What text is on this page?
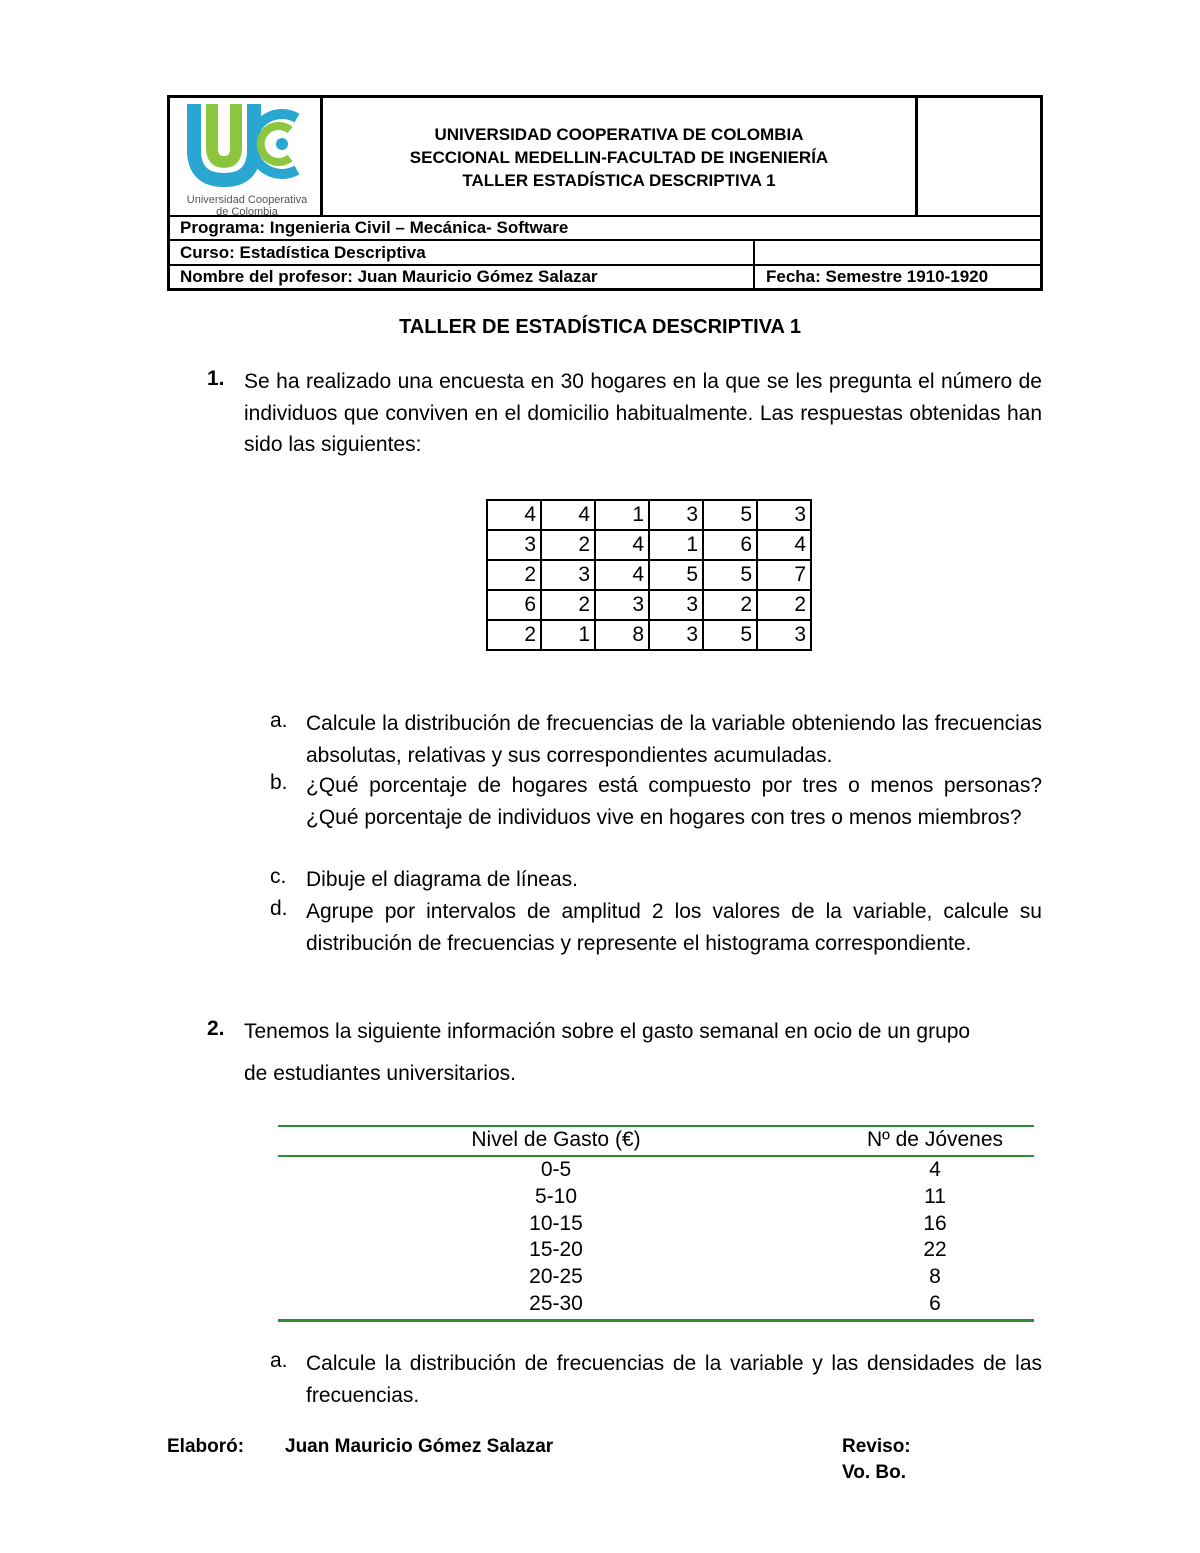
Universidad Cooperativa
de Colombia
UNIVERSIDAD COOPERATIVA DE COLOMBIA
SECCIONAL MEDELLIN-FACULTAD DE INGENIERÍA
TALLER ESTADÍSTICA DESCRIPTIVA 1
Programa: Ingenieria Civil – Mecánica- Software
Curso: Estadística Descriptiva
Nombre del profesor: Juan Mauricio Gómez Salazar	Fecha: Semestre 1910-1920
TALLER DE ESTADÍSTICA DESCRIPTIVA 1
1. Se ha realizado una encuesta en 30 hogares en la que se les pregunta el número de individuos que conviven en el domicilio habitualmente. Las respuestas obtenidas han sido las siguientes:
4	4	1	3	5	3
3	2	4	1	6	4
2	3	4	5	5	7
6	2	3	3	2	2
2	1	8	3	5	3
a. Calcule la distribución de frecuencias de la variable obteniendo las frecuencias absolutas, relativas y sus correspondientes acumuladas.
b. ¿Qué porcentaje de hogares está compuesto por tres o menos personas? ¿Qué porcentaje de individuos vive en hogares con tres o menos miembros?
c. Dibuje el diagrama de líneas.
d. Agrupe por intervalos de amplitud 2 los valores de la variable, calcule su distribución de frecuencias y represente el histograma correspondiente.
2. Tenemos la siguiente información sobre el gasto semanal en ocio de un grupo
de estudiantes universitarios.
Nivel de Gasto (€)	Nº de Jóvenes
0-5	4
5-10	11
10-15	16
15-20	22
20-25	8
25-30	6
a. Calcule la distribución de frecuencias de la variable y las densidades de las frecuencias.
Elaboró: Juan Mauricio Gómez Salazar	Reviso:
Vo. Bo.
